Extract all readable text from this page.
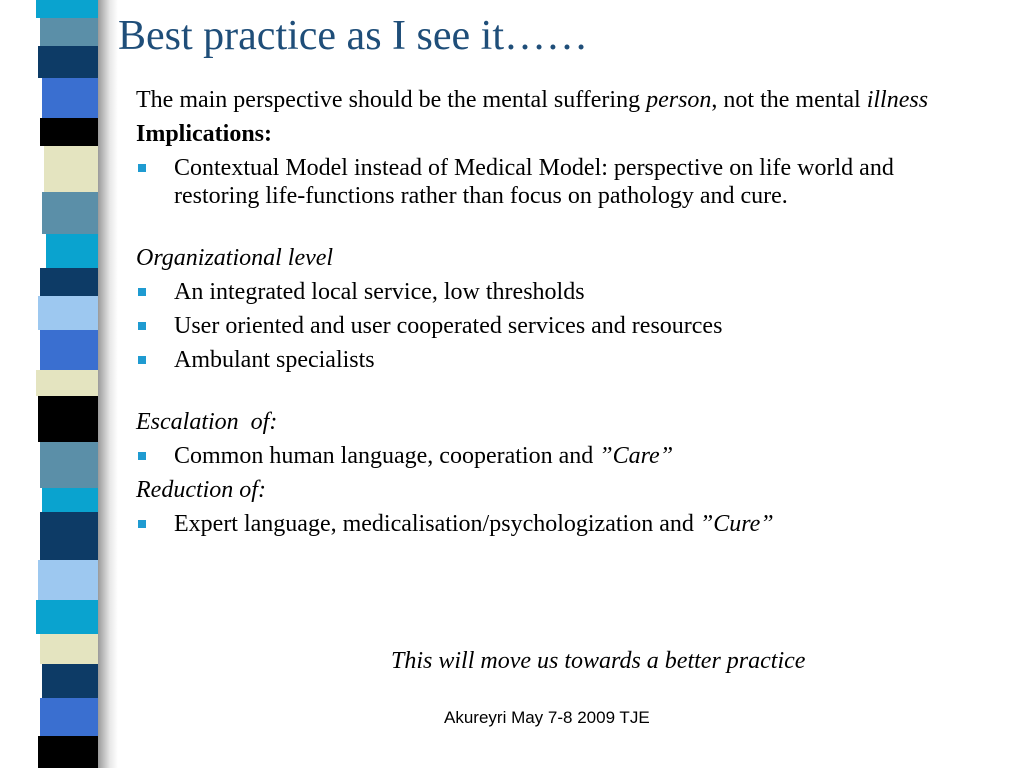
Best practice as I see it……

The main perspective should be the mental suffering person, not the mental illness

Implications:

Contextual Model instead of Medical Model: perspective on life world and restoring life-functions rather than focus on pathology and cure.

Organizational level

An integrated local service, low thresholds
User oriented and user cooperated services and resources
Ambulant specialists

Escalation  of:

Common human language, cooperation and ”Care”

Reduction of:

Expert language, medicalisation/psychologization and ”Cure”
This will move us towards a better practice
Akureyri May 7-8 2009 TJE
